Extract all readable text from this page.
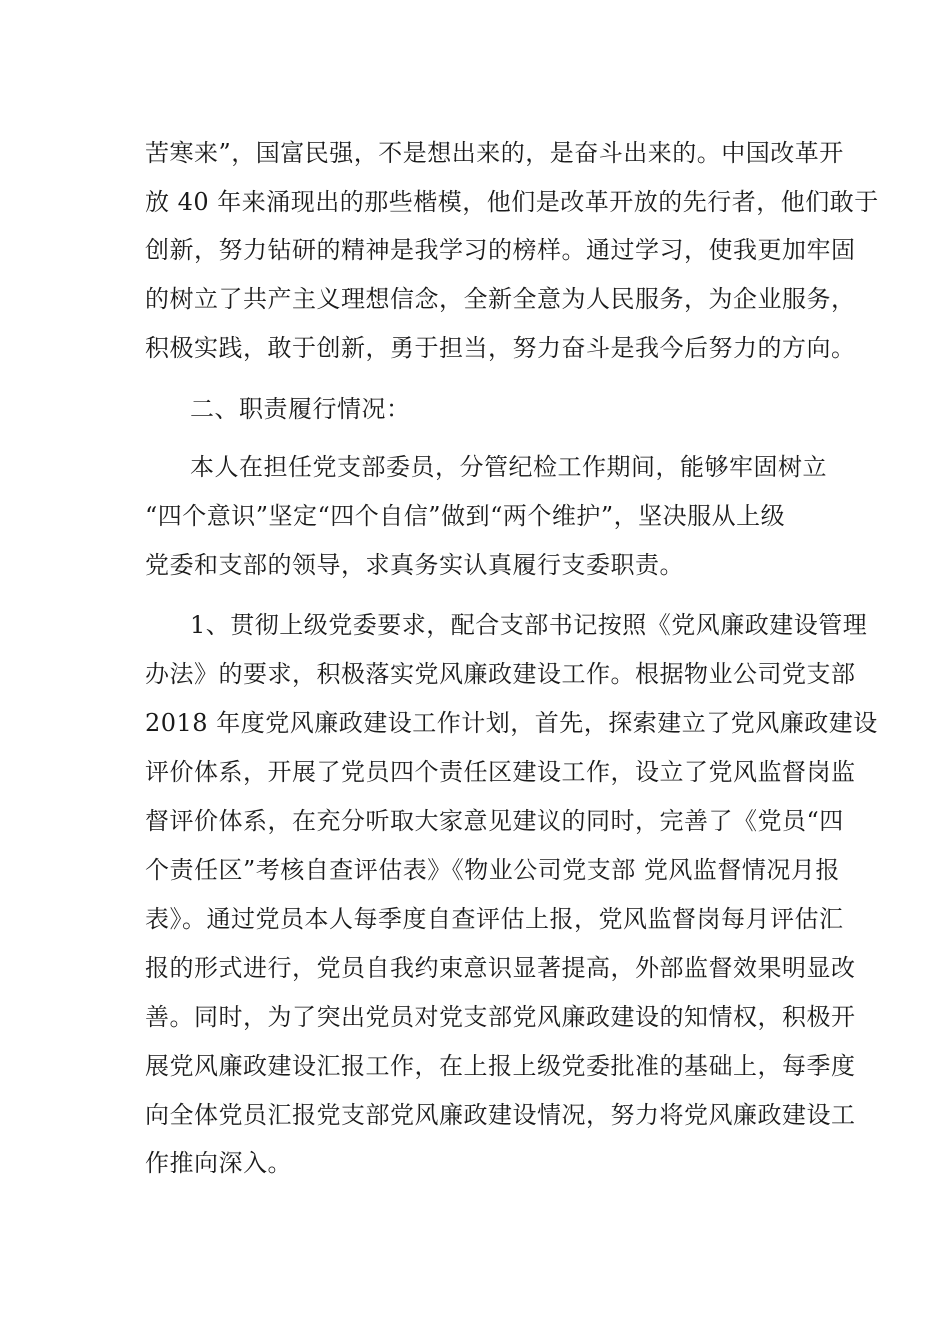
苦寒来”，国富民强，不是想出来的，是奋斗出来的。中国改革开
放 40 年来涌现出的那些楷模，他们是改革开放的先行者，他们敢于
创新，努力钻研的精神是我学习的榜样。通过学习，使我更加牢固
的树立了共产主义理想信念，全新全意为人民服务，为企业服务，
积极实践，敢于创新，勇于担当，努力奋斗是我今后努力的方向。
二、职责履行情况：
本人在担任党支部委员，分管纪检工作期间，能够牢固树立
“四个意识”坚定“四个自信”做到“两个维护”，坚决服从上级
党委和支部的领导，求真务实认真履行支委职责。
1、贯彻上级党委要求，配合支部书记按照《党风廉政建设管理
办法》的要求，积极落实党风廉政建设工作。根据物业公司党支部
2018 年度党风廉政建设工作计划，首先，探索建立了党风廉政建设
评价体系，开展了党员四个责任区建设工作，设立了党风监督岗监
督评价体系，在充分听取大家意见建议的同时，完善了《党员“四
个责任区”考核自查评估表》《物业公司党支部 党风监督情况月报
表》。通过党员本人每季度自查评估上报，党风监督岗每月评估汇
报的形式进行，党员自我约束意识显著提高，外部监督效果明显改
善。同时，为了突出党员对党支部党风廉政建设的知情权，积极开
展党风廉政建设汇报工作，在上报上级党委批准的基础上，每季度
向全体党员汇报党支部党风廉政建设情况，努力将党风廉政建设工
作推向深入。
